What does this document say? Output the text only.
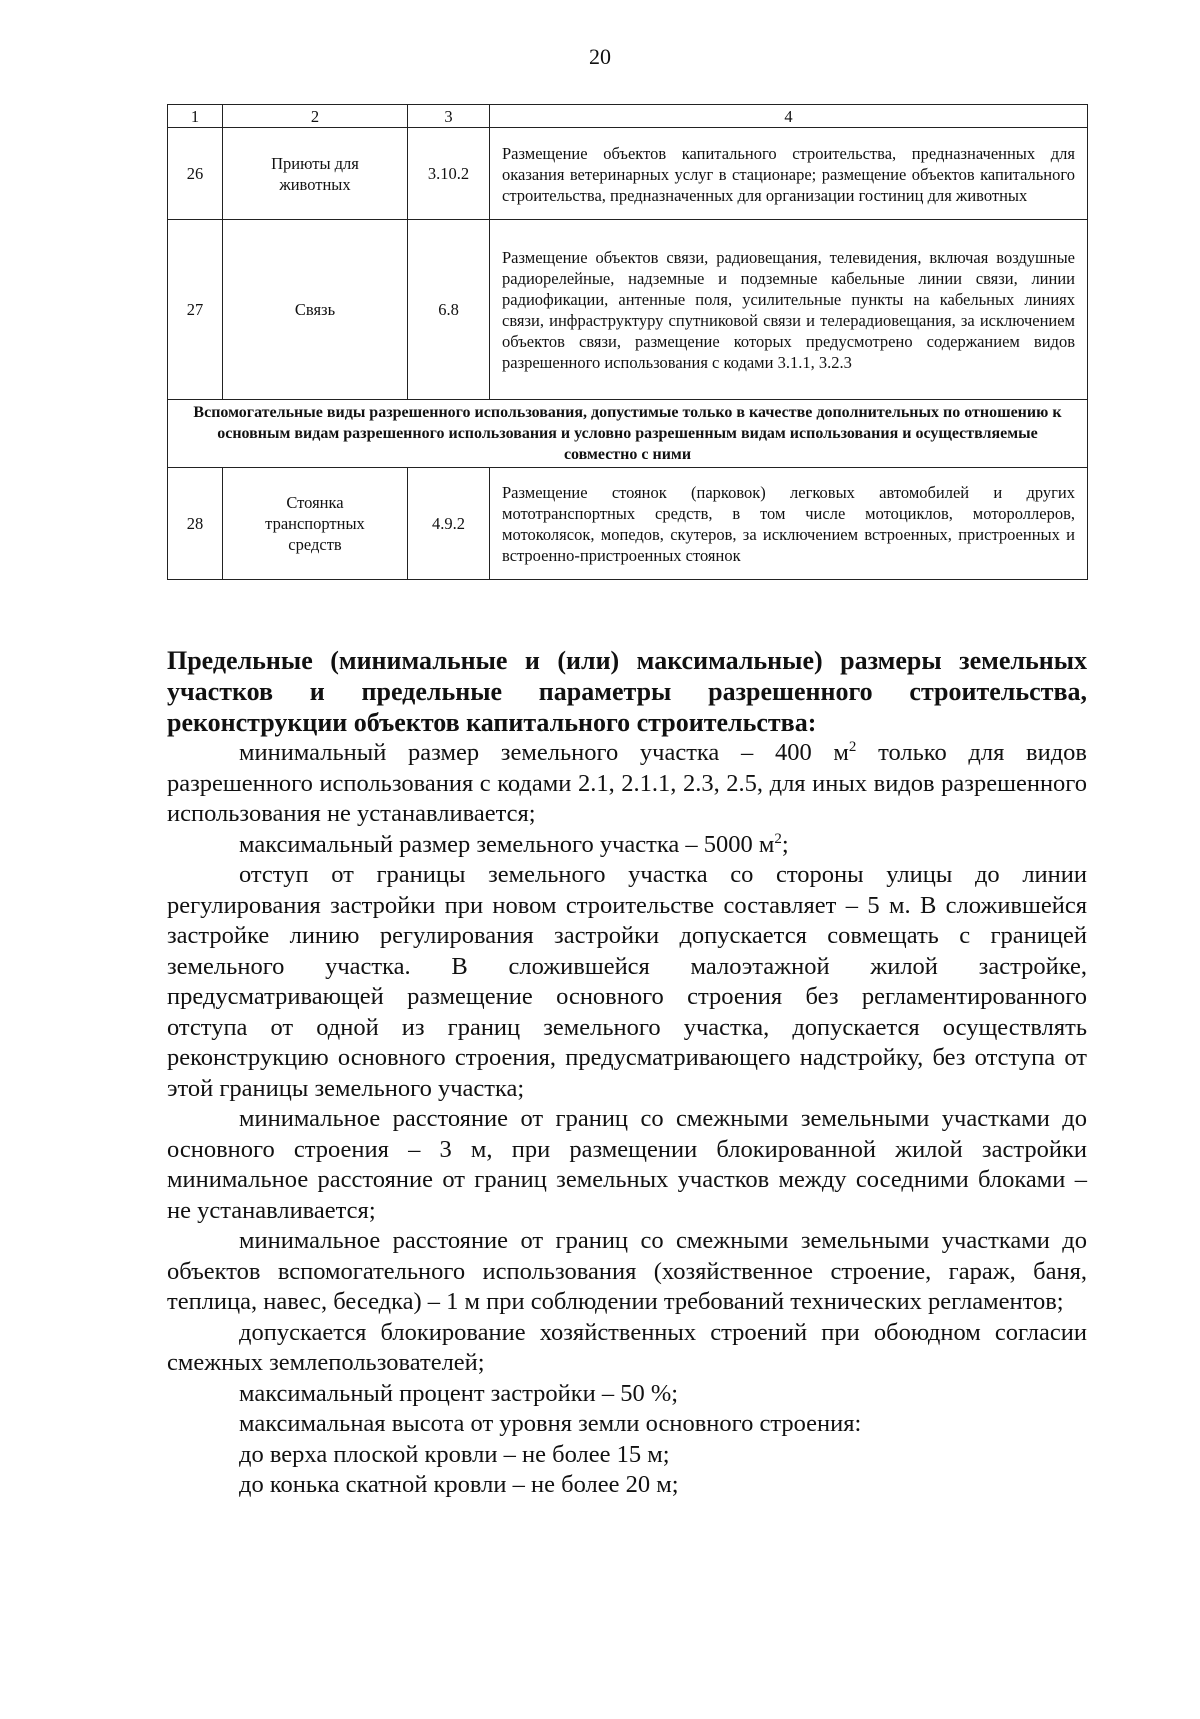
20
1	2	3	4
26	Приюты для животных	3.10.2	Размещение объектов капитального строительства, предназначенных для оказания ветеринарных услуг в стационаре; размещение объектов капитального строительства, предназначенных для организации гостиниц для животных
27	Связь	6.8	Размещение объектов связи, радиовещания, телевидения, включая воздушные радиорелейные, надземные и подземные кабельные линии связи, линии радиофикации, антенные поля, усилительные пункты на кабельных линиях связи, инфраструктуру спутниковой связи и телерадиовещания, за исключением объектов связи, размещение которых предусмотрено содержанием видов разрешенного использования с кодами 3.1.1, 3.2.3
Вспомогательные виды разрешенного использования, допустимые только в качестве дополнительных по отношению к основным видам разрешенного использования и условно разрешенным видам использования и осуществляемые совместно с ними			
28	Стоянка транспортных средств	4.9.2	Размещение стоянок (парковок) легковых автомобилей и других мототранспортных средств, в том числе мотоциклов, мотороллеров, мотоколясок, мопедов, скутеров, за исключением встроенных, пристроенных и встроенно-пристроенных стоянок
Предельные (минимальные и (или) максимальные) размеры земельных участков и предельные параметры разрешенного строительства, реконструкции объектов капитального строительства:

минимальный размер земельного участка – 400 $м^2$ только для видов разрешенного использования с кодами 2.1, 2.1.1, 2.3, 2.5, для иных видов разрешенного использования не устанавливается;

максимальный размер земельного участка – 5000 $м^2$;

отступ от границы земельного участка со стороны улицы до линии регулирования застройки при новом строительстве составляет – 5 м. В сложившейся застройке линию регулирования застройки допускается совмещать с границей земельного участка. В сложившейся малоэтажной жилой застройке, предусматривающей размещение основного строения без регламентированного отступа от одной из границ земельного участка, допускается осуществлять реконструкцию основного строения, предусматривающего надстройку, без отступа от этой границы земельного участка;

минимальное расстояние от границ со смежными земельными участками до основного строения – 3 м, при размещении блокированной жилой застройки минимальное расстояние от границ земельных участков между соседними блоками – не устанавливается;

минимальное расстояние от границ со смежными земельными участками до объектов вспомогательного использования (хозяйственное строение, гараж, баня, теплица, навес, беседка) – 1 м при соблюдении требований технических регламентов;

допускается блокирование хозяйственных строений при обоюдном согласии смежных землепользователей;

максимальный процент застройки – 50 %;

максимальная высота от уровня земли основного строения:

до верха плоской кровли – не более 15 м;

до конька скатной кровли – не более 20 м;
